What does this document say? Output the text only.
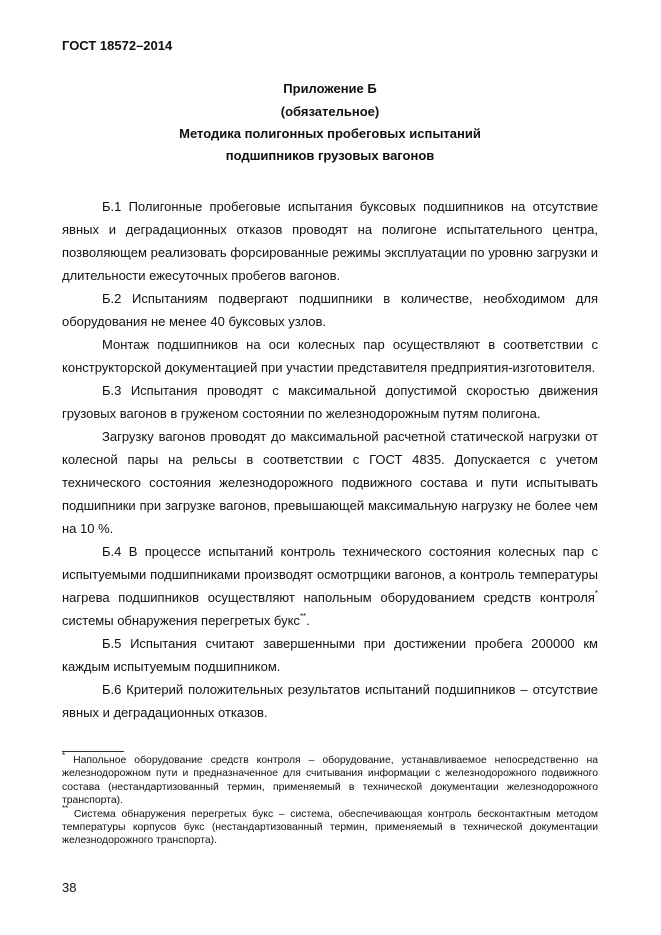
ГОСТ 18572–2014
Приложение Б
(обязательное)
Методика полигонных пробеговых испытаний
подшипников грузовых вагонов

Б.1 Полигонные пробеговые испытания буксовых подшипников на отсутствие явных и деградационных отказов проводят на полигоне испытательного центра, позволяющем реализовать форсированные режимы эксплуатации по уровню загрузки и длительности ежесуточных пробегов вагонов.

Б.2 Испытаниям подвергают подшипники в количестве, необходимом для оборудования не менее 40 буксовых узлов.

Монтаж подшипников на оси колесных пар осуществляют в соответствии с конструкторской документацией при участии представителя предприятия-изготовителя.

Б.3 Испытания проводят с максимальной допустимой скоростью движения грузовых вагонов в груженом состоянии по железнодорожным путям полигона.

Загрузку вагонов проводят до максимальной расчетной статической нагрузки от колесной пары на рельсы в соответствии с ГОСТ 4835. Допускается с учетом технического состояния железнодорожного подвижного состава и пути испытывать подшипники при загрузке вагонов, превышающей максимальную нагрузку не более чем на 10 %.

Б.4 В процессе испытаний контроль технического состояния колесных пар с испытуемыми подшипниками производят осмотрщики вагонов, а контроль температуры нагрева подшипников осуществляют напольным оборудованием средств контроля* системы обнаружения перегретых букс**.

Б.5 Испытания считают завершенными при достижении пробега 200000 км каждым испытуемым подшипником.

Б.6 Критерий положительных результатов испытаний подшипников – отсутствие явных и деградационных отказов.

* Напольное оборудование средств контроля – оборудование, устанавливаемое непосредственно на железнодорожном пути и предназначенное для считывания информации с железнодорожного подвижного состава (нестандартизованный термин, применяемый в технической документации железнодорожного транспорта).

** Система обнаружения перегретых букс – система, обеспечивающая контроль бесконтактным методом температуры корпусов букс (нестандартизованный термин, применяемый в технической документации железнодорожного транспорта).

38
